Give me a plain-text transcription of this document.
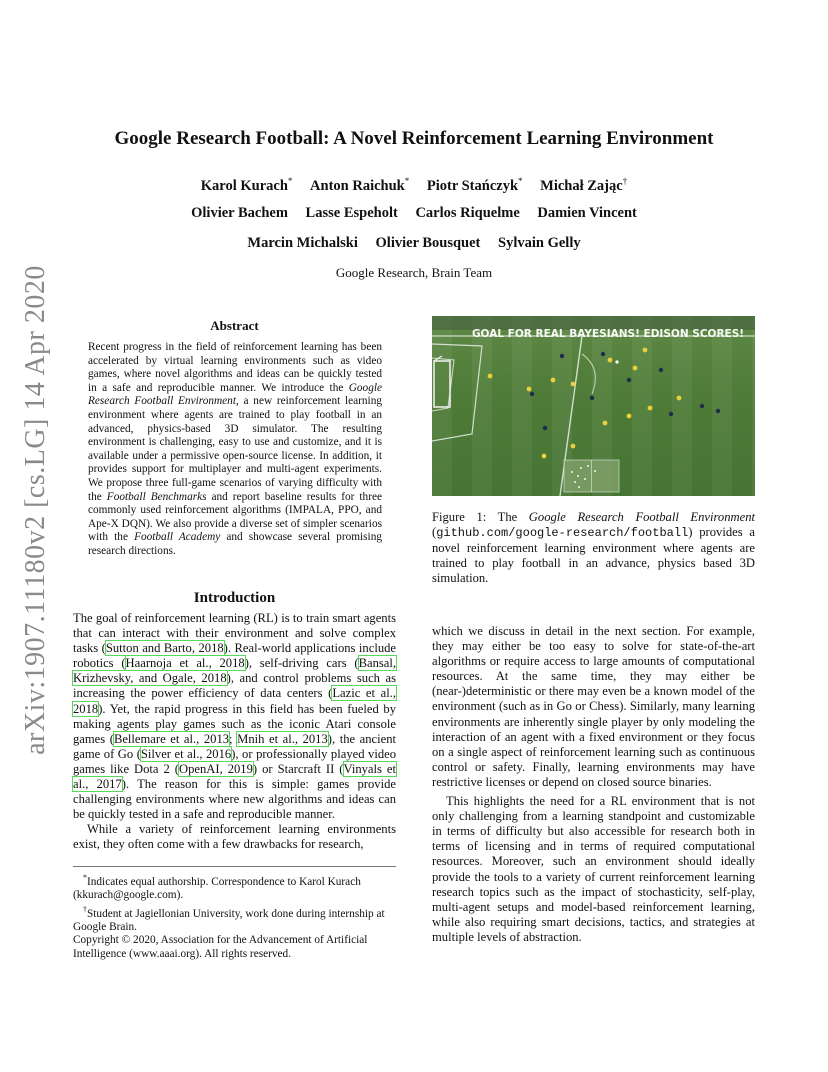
arXiv:1907.11180v2 [cs.LG] 14 Apr 2020
Google Research Football: A Novel Reinforcement Learning Environment
Karol Kurach* Anton Raichuk* Piotr Stańczyk* Michał Zając†
Olivier Bachem Lasse Espeholt Carlos Riquelme Damien Vincent
Marcin Michalski Olivier Bousquet Sylvain Gelly
Google Research, Brain Team
Abstract
Recent progress in the field of reinforcement learning has been accelerated by virtual learning environments such as video games, where novel algorithms and ideas can be quickly tested in a safe and reproducible manner. We introduce the Google Research Football Environment, a new reinforcement learning environment where agents are trained to play football in an advanced, physics-based 3D simulator. The resulting environment is challenging, easy to use and customize, and it is available under a permissive open-source license. In addition, it provides support for multiplayer and multi-agent experiments. We propose three full-game scenarios of varying difficulty with the Football Benchmarks and report baseline results for three commonly used reinforcement algorithms (IMPALA, PPO, and Ape-X DQN). We also provide a diverse set of simpler scenarios with the Football Academy and showcase several promising research directions.
Introduction

The goal of reinforcement learning (RL) is to train smart agents that can interact with their environment and solve complex tasks (Sutton and Barto, 2018). Real-world applications include robotics (Haarnoja et al., 2018), self-driving cars (Bansal, Krizhevsky, and Ogale, 2018), and control problems such as increasing the power efficiency of data centers (Lazic et al., 2018). Yet, the rapid progress in this field has been fueled by making agents play games such as the iconic Atari console games (Bellemare et al., 2013; Mnih et al., 2013), the ancient game of Go (Silver et al., 2016), or professionally played video games like Dota 2 (OpenAI, 2019) or Starcraft II (Vinyals et al., 2017). The reason for this is simple: games provide challenging environments where new algorithms and ideas can be quickly tested in a safe and reproducible manner.

While a variety of reinforcement learning environments exist, they often come with a few drawbacks for research,

*Indicates equal authorship. Correspondence to Karol Kurach (kkurach@google.com).
†Student at Jagiellonian University, work done during internship at Google Brain.
Copyright © 2020, Association for the Advancement of Artificial Intelligence (www.aaai.org). All rights reserved.
GOAL FOR REAL BAYESIANS! EDISON SCORES!
Figure 1: The Google Research Football Environment (github.com/google-research/football) provides a novel reinforcement learning environment where agents are trained to play football in an advance, physics based 3D simulation.

which we discuss in detail in the next section. For example, they may either be too easy to solve for state-of-the-art algorithms or require access to large amounts of computational resources. At the same time, they may either be (near-)deterministic or there may even be a known model of the environment (such as in Go or Chess). Similarly, many learning environments are inherently single player by only modeling the interaction of an agent with a fixed environment or they focus on a single aspect of reinforcement learning such as continuous control or safety. Finally, learning environments may have restrictive licenses or depend on closed source binaries.

This highlights the need for a RL environment that is not only challenging from a learning standpoint and customizable in terms of difficulty but also accessible for research both in terms of licensing and in terms of required computational resources. Moreover, such an environment should ideally provide the tools to a variety of current reinforcement learning research topics such as the impact of stochasticity, self-play, multi-agent setups and model-based reinforcement learning, while also requiring smart decisions, tactics, and strategies at multiple levels of abstraction.
